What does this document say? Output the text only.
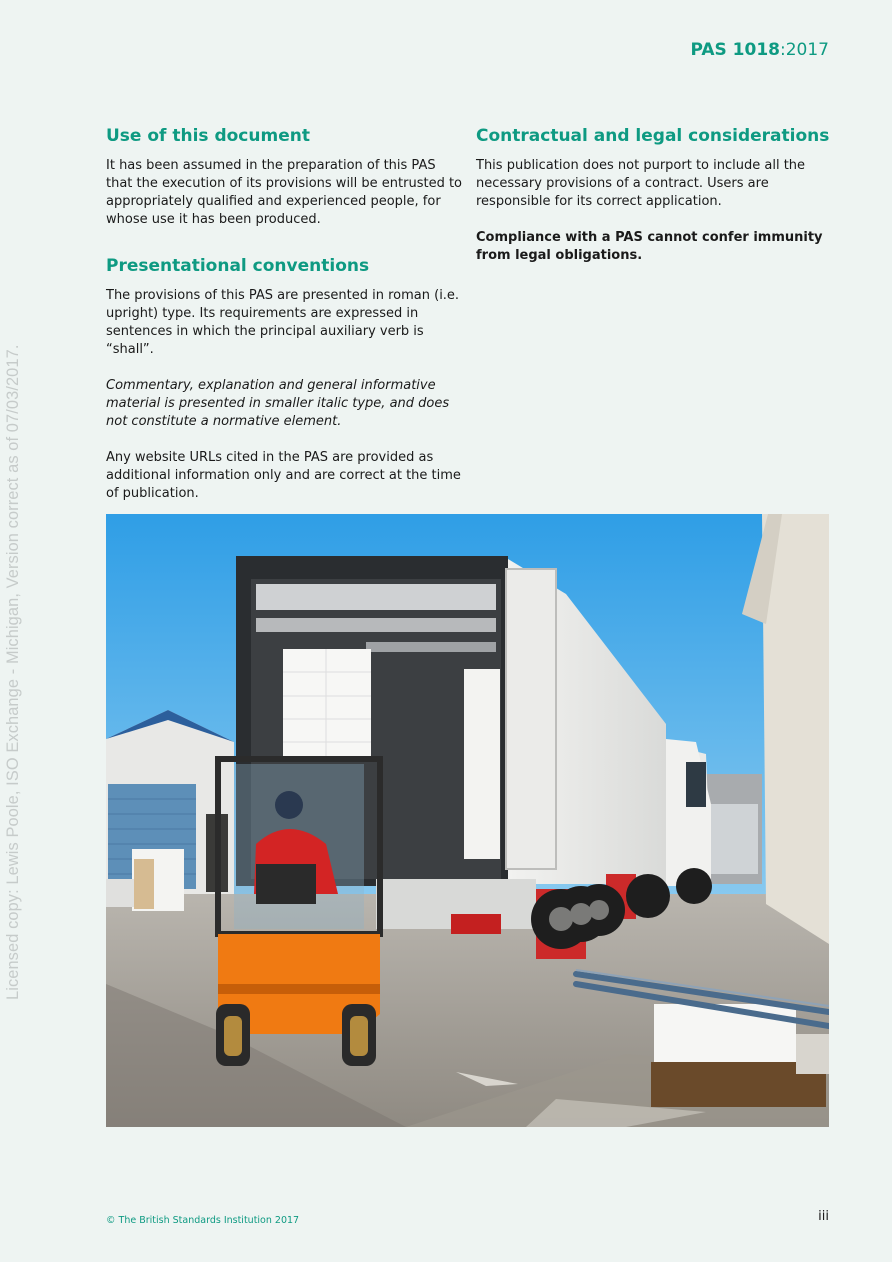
PAS 1018:2017
Licensed copy: Lewis Poole, ISO Exchange - Michigan, Version correct as of 07/03/2017.
Use of this document

It has been assumed in the preparation of this PAS that the execution of its provisions will be entrusted to appropriately qualified and experienced people, for whose use it has been produced.

Presentational conventions

The provisions of this PAS are presented in roman (i.e. upright) type. Its requirements are expressed in sentences in which the principal auxiliary verb is “shall”.

Commentary, explanation and general informative material is presented in smaller italic type, and does not constitute a normative element.

Any website URLs cited in the PAS are provided as additional information only and are correct at the time of publication.

Contractual and legal considerations

This publication does not purport to include all the necessary provisions of a contract. Users are responsible for its correct application.

Compliance with a PAS cannot confer immunity from legal obligations.

© The British Standards Institution 2017	iii
